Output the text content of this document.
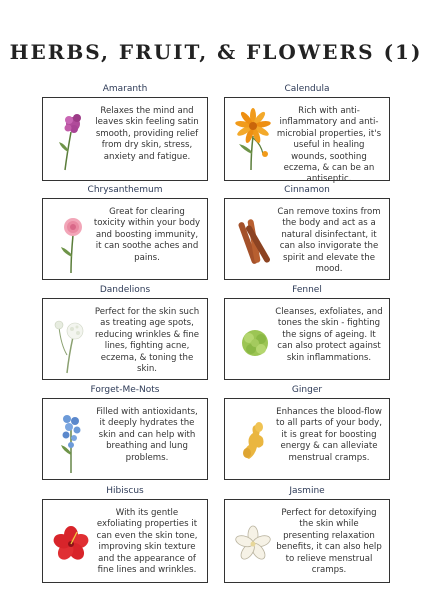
HERBS, FRUIT, & FLOWERS (1)
Amaranth
Relaxes the mind and leaves skin feeling satin smooth, providing relief from dry skin, stress, anxiety and fatigue.
Calendula
Rich with anti-inflammatory and anti-microbial properties, it's useful in healing wounds, soothing eczema, & can be an antiseptic.
Chrysanthemum
Great for clearing toxicity within your body and boosting immunity, it can soothe aches and pains.
Cinnamon
Can remove toxins from the body and act as a natural disinfectant, it can also invigorate the spirit and elevate the mood.
Dandelions
Perfect for the skin such as treating age spots, reducing wrinkles & fine lines, fighting acne, eczema, & toning the skin.
Fennel
Cleanses, exfoliates, and tones the skin - fighting the signs of ageing. It can also protect against skin inflammations.
Forget-Me-Nots
Filled with antioxidants, it deeply hydrates the skin and can help with breathing and lung problems.
Ginger
Enhances the blood-flow to all parts of your body, it is great for boosting energy & can alleviate menstrual cramps.
Hibiscus
With its gentle exfoliating properties it can even the skin tone, improving skin texture and the appearance of fine lines and wrinkles.
Jasmine
Perfect for detoxifying the skin while presenting relaxation benefits, it can also help to relieve menstrual cramps.
